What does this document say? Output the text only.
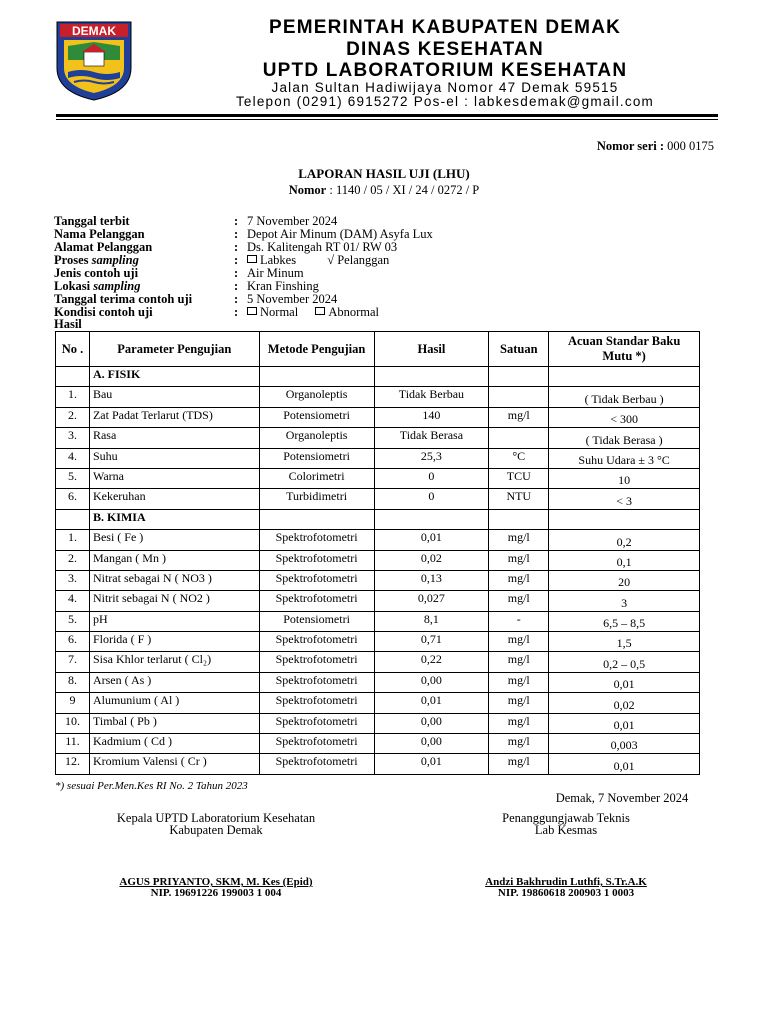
DEMAK	PEMERINTAH KABUPATEN DEMAK
DINAS KESEHATAN
UPTD LABORATORIUM KESEHATAN
Jalan Sultan Hadiwijaya Nomor 47 Demak 59515
Telepon (0291) 6915272 Pos-el : labkesdemak@gmail.com
Nomor seri : 000 0175
LAPORAN HASIL UJI (LHU)
Nomor : 1140 / 05 / XI / 24 / 0272 / P
Tanggal terbit	: 7 November 2024
Nama Pelanggan	: Depot Air Minum (DAM) Asyfa Lux
Alamat Pelanggan	: Ds. Kalitengah RT 01/ RW 03
Proses sampling	:	Labkes √ Pelanggan
Jenis contoh uji	: Air Minum
Lokasi sampling	: Kran Finshing
Tanggal terima contoh uji	: 5 November 2024
Kondisi contoh uji	:	Normal Abnormal
Hasil
No .	Parameter Pengujian	Metode Pengujian	Hasil	Satuan	Acuan Standar Baku Mutu *)
	A. FISIK				
1.	Bau	Organoleptis	Tidak Berbau		( Tidak Berbau )
2.	Zat Padat Terlarut (TDS)	Potensiometri	140	mg/l	< 300
3.	Rasa	Organoleptis	Tidak Berasa		( Tidak Berasa )
4.	Suhu	Potensiometri	25,3	°C	Suhu Udara ± 3 °C
5.	Warna	Colorimetri	0	TCU	10
6.	Kekeruhan	Turbidimetri	0	NTU	< 3
	B. KIMIA				
1.	Besi ( Fe )	Spektrofotometri	0,01	mg/l	0,2
2.	Mangan ( Mn )	Spektrofotometri	0,02	mg/l	0,1
3.	Nitrat sebagai N ( NO3 )	Spektrofotometri	0,13	mg/l	20
4.	Nitrit sebagai N ( NO2 )	Spektrofotometri	0,027	mg/l	3
5.	pH	Potensiometri	8,1	-	6,5 – 8,5
6.	Florida ( F )	Spektrofotometri	0,71	mg/l	1,5
7.	Sisa Khlor terlarut ( Cl₂)	Spektrofotometri	0,22	mg/l	0,2 – 0,5
8.	Arsen ( As )	Spektrofotometri	0,00	mg/l	0,01
9	Alumunium ( Al )	Spektrofotometri	0,01	mg/l	0,02
10.	Timbal ( Pb )	Spektrofotometri	0,00	mg/l	0,01
11.	Kadmium ( Cd )	Spektrofotometri	0,00	mg/l	0,003
12.	Kromium Valensi ( Cr )	Spektrofotometri	0,01	mg/l	0,01
*) sesuai Per.Men.Kes RI No. 2 Tahun 2023
Demak, 7 November 2024
Kepala UPTD Laboratorium Kesehatan
Kabupaten Demak
AGUS PRIYANTO, SKM, M. Kes (Epid)
NIP. 19691226 199003 1 004
Penanggungjawab Teknis
Lab Kesmas
Andzi Bakhrudin Luthfi, S.Tr.A.K
NIP. 19860618 200903 1 0003
